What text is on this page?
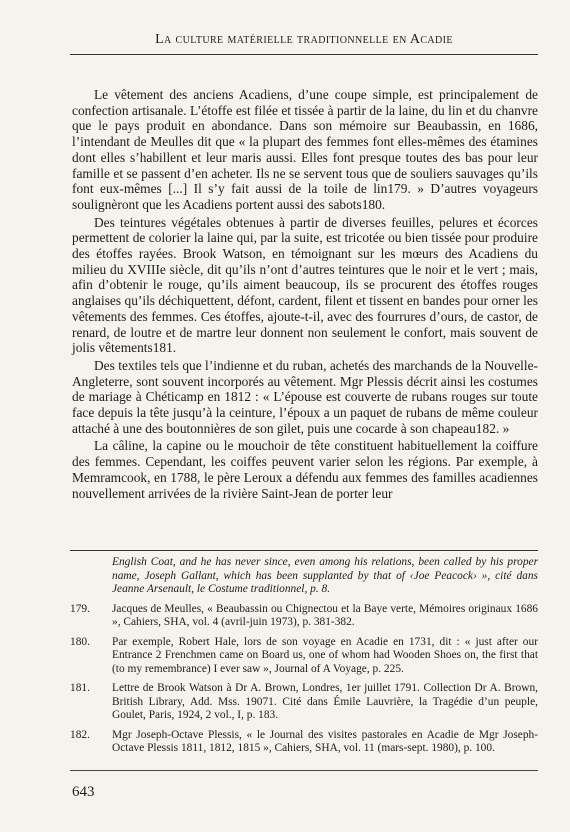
La culture matérielle traditionnelle en Acadie

Le vêtement des anciens Acadiens, d’une coupe simple, est principalement de confection artisanale. L’étoffe est filée et tissée à partir de la laine, du lin et du chanvre que le pays produit en abondance. Dans son mémoire sur Beaubassin, en 1686, l’intendant de Meulles dit que « la plupart des femmes font elles-mêmes des étamines dont elles s’habillent et leur maris aussi. Elles font presque toutes des bas pour leur famille et se passent d’en acheter. Ils ne se servent tous que de souliers sauvages qu’ils font eux-mêmes [...] Il s’y fait aussi de la toile de lin179. » D’autres voyageurs soulignèront que les Acadiens portent aussi des sabots180.

Des teintures végétales obtenues à partir de diverses feuilles, pelures et écorces permettent de colorier la laine qui, par la suite, est tricotée ou bien tissée pour produire des étoffes rayées. Brook Watson, en témoignant sur les mœurs des Acadiens du milieu du XVIIIe siècle, dit qu’ils n’ont d’autres teintures que le noir et le vert ; mais, afin d’obtenir le rouge, qu’ils aiment beaucoup, ils se procurent des étoffes rouges anglaises qu’ils déchiquettent, défont, cardent, filent et tissent en bandes pour orner les vêtements des femmes. Ces étoffes, ajoute-t-il, avec des fourrures d’ours, de castor, de renard, de loutre et de martre leur donnent non seulement le confort, mais souvent de jolis vêtements181.

Des textiles tels que l’indienne et du ruban, achetés des marchands de la Nouvelle-Angleterre, sont souvent incorporés au vêtement. Mgr Plessis décrit ainsi les costumes de mariage à Chéticamp en 1812 : « L’épouse est couverte de rubans rouges sur toute face depuis la tête jusqu’à la ceinture, l’époux a un paquet de rubans de même couleur attaché à une des boutonnières de son gilet, puis une cocarde à son chapeau182. »

La câline, la capine ou le mouchoir de tête constituent habituellement la coiffure des femmes. Cependant, les coiffes peuvent varier selon les régions. Par exemple, à Memramcook, en 1788, le père Leroux a défendu aux femmes des familles acadiennes nouvellement arrivées de la rivière Saint-Jean de porter leur

English Coat, and he has never since, even among his relations, been called by his proper name, Joseph Gallant, which has been supplanted by that of ‹Joe Peacock› », cité dans Jeanne Arsenault, le Costume traditionnel, p. 8.
179.	Jacques de Meulles, « Beaubassin ou Chignectou et la Baye verte, Mémoires originaux 1686 », Cahiers, SHA, vol. 4 (avril-juin 1973), p. 381-382.
180.	Par exemple, Robert Hale, lors de son voyage en Acadie en 1731, dit : « just after our Entrance 2 Frenchmen came on Board us, one of whom had Wooden Shoes on, the first that (to my remembrance) I ever saw », Journal of A Voyage, p. 225.
181.	Lettre de Brook Watson à Dr A. Brown, Londres, 1er juillet 1791. Collection Dr A. Brown, British Library, Add. Mss. 19071. Cité dans Émile Lauvrière, la Tragédie d’un peuple, Goulet, Paris, 1924, 2 vol., I, p. 183.
182.	Mgr Joseph-Octave Plessis, « le Journal des visites pastorales en Acadie de Mgr Joseph-Octave Plessis 1811, 1812, 1815 », Cahiers, SHA, vol. 11 (mars-sept. 1980), p. 100.
643
